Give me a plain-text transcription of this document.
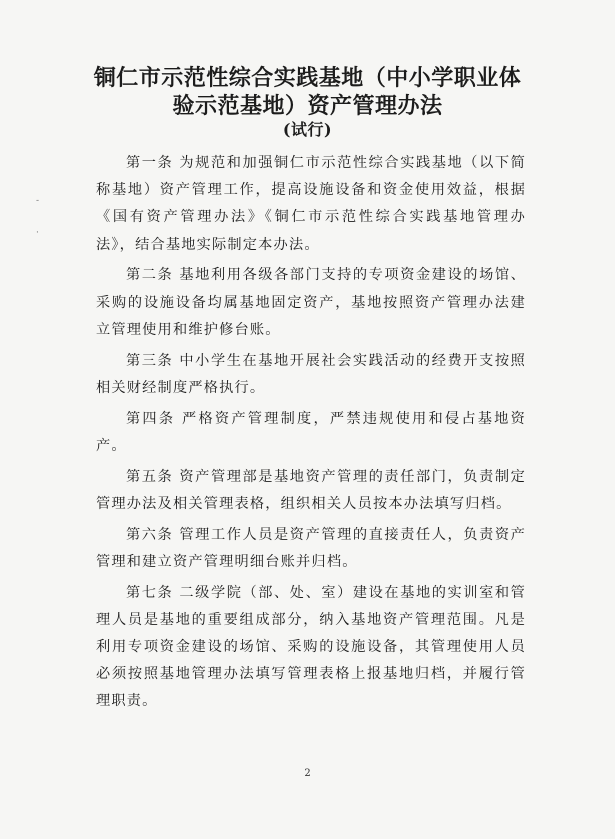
-
·
铜仁市示范性综合实践基地（中小学职业体
验示范基地）资产管理办法
(试行)

第一条 为规范和加强铜仁市示范性综合实践基地（以下简称基地）资产管理工作，提高设施设备和资金使用效益，根据《国有资产管理办法》《铜仁市示范性综合实践基地管理办法》，结合基地实际制定本办法。

第二条 基地利用各级各部门支持的专项资金建设的场馆、采购的设施设备均属基地固定资产，基地按照资产管理办法建立管理使用和维护修台账。

第三条 中小学生在基地开展社会实践活动的经费开支按照相关财经制度严格执行。

第四条 严格资产管理制度，严禁违规使用和侵占基地资产。

第五条 资产管理部是基地资产管理的责任部门，负责制定管理办法及相关管理表格，组织相关人员按本办法填写归档。

第六条 管理工作人员是资产管理的直接责任人，负责资产管理和建立资产管理明细台账并归档。

第七条 二级学院（部、处、室）建设在基地的实训室和管理人员是基地的重要组成部分，纳入基地资产管理范围。凡是利用专项资金建设的场馆、采购的设施设备，其管理使用人员必须按照基地管理办法填写管理表格上报基地归档，并履行管理职责。

2
